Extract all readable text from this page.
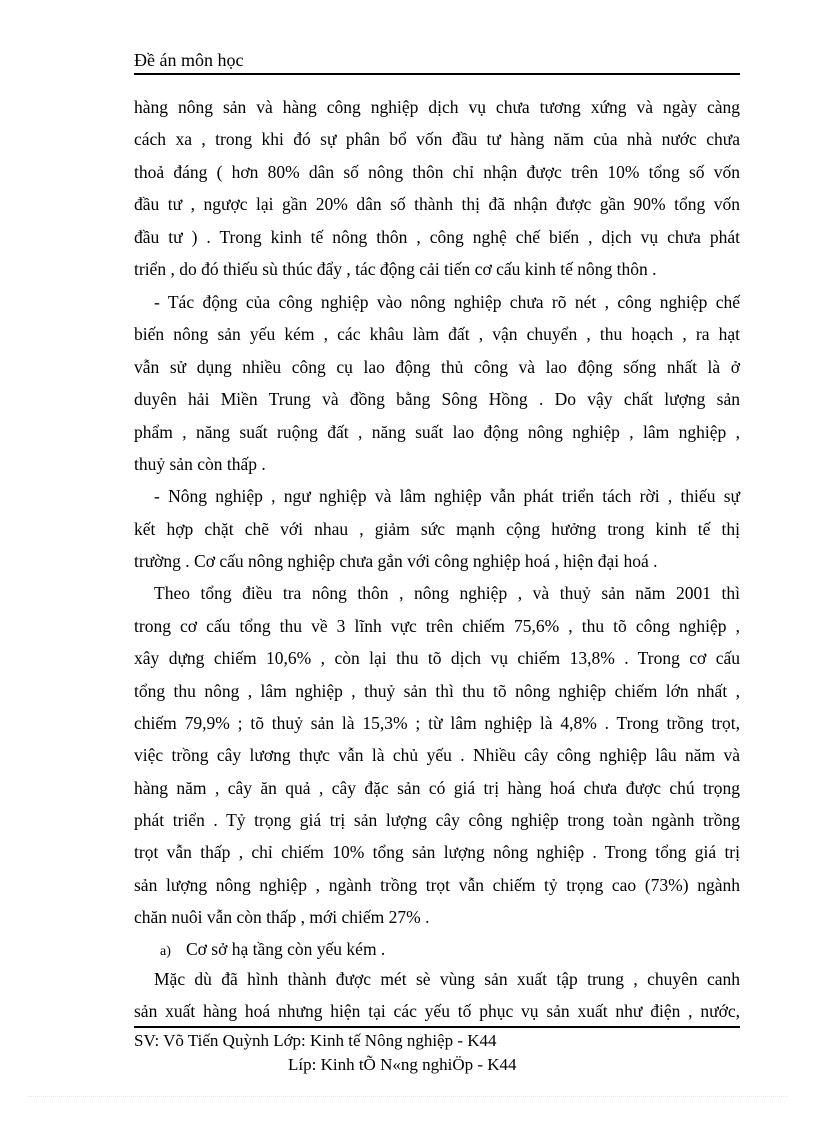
Đề án môn học
hàng nông sản và hàng công nghiệp dịch vụ chưa tương xứng và ngày càng
cách xa , trong khi đó sự phân bổ vốn đầu tư hàng năm của nhà nước chưa
thoả đáng ( hơn 80% dân số nông thôn chỉ nhận được trên 10% tổng số vốn
đầu tư , ngược lại gần 20% dân số thành thị đã nhận được gần 90% tổng vốn
đầu tư ) . Trong kinh tế nông thôn , công nghệ chế biến , dịch vụ chưa phát
triển , do đó thiếu sù thúc đẩy , tác động cải tiến cơ cấu kinh tế nông thôn .
- Tác động của công nghiệp vào nông nghiệp chưa rõ nét , công nghiệp chế
biến nông sản yếu kém , các khâu làm đất , vận chuyển , thu hoạch , ra hạt
vẫn sử dụng nhiều công cụ lao động thủ công và lao động sống nhất là ở
duyên hải Miền Trung và đồng bằng Sông Hồng . Do vậy chất lượng sản
phẩm , năng suất ruộng đất , năng suất lao động nông nghiệp , lâm nghiệp ,
thuỷ sản còn thấp .
- Nông nghiệp , ngư nghiệp và lâm nghiệp vẫn phát triển tách rời , thiếu sự
kết hợp chặt chẽ với nhau , giảm sức mạnh cộng hưởng trong kinh tế thị
trường . Cơ cấu nông nghiệp chưa gắn với công nghiệp hoá , hiện đại hoá .
Theo tổng điều tra nông thôn , nông nghiệp , và thuỷ sản năm 2001 thì
trong cơ cấu tổng thu về 3 lĩnh vực trên chiếm 75,6% , thu tõ công nghiệp ,
xây dựng chiếm 10,6% , còn lại thu tõ dịch vụ chiếm 13,8% . Trong cơ cấu
tổng thu nông , lâm nghiệp , thuỷ sản thì thu tõ nông nghiệp chiếm lớn nhất ,
chiếm 79,9% ; tõ thuỷ sản là 15,3% ; từ lâm nghiệp là 4,8% . Trong trồng trọt,
việc trồng cây lương thực vẫn là chủ yếu . Nhiều cây công nghiệp lâu năm và
hàng năm , cây ăn quả , cây đặc sản có giá trị hàng hoá chưa được chú trọng
phát triển . Tỷ trọng giá trị sản lượng cây công nghiệp trong toàn ngành trồng
trọt vẫn thấp , chỉ chiếm 10% tổng sản lượng nông nghiệp . Trong tổng giá trị
sản lượng nông nghiệp , ngành trồng trọt vẫn chiếm tỷ trọng cao (73%) ngành
chăn nuôi vẫn còn thấp , mới chiếm 27% .
a) Cơ sở hạ tầng còn yếu kém .
Mặc dù đã hình thành được mét sè vùng sản xuất tập trung , chuyên canh
sản xuất hàng hoá nhưng hiện tại các yếu tố phục vụ sản xuất như điện , nước,
SV: Võ Tiến Quỳnh Lớp: Kinh tế Nông nghiệp - K44
Líp: Kinh tÕ N«ng nghiÖp - K44
